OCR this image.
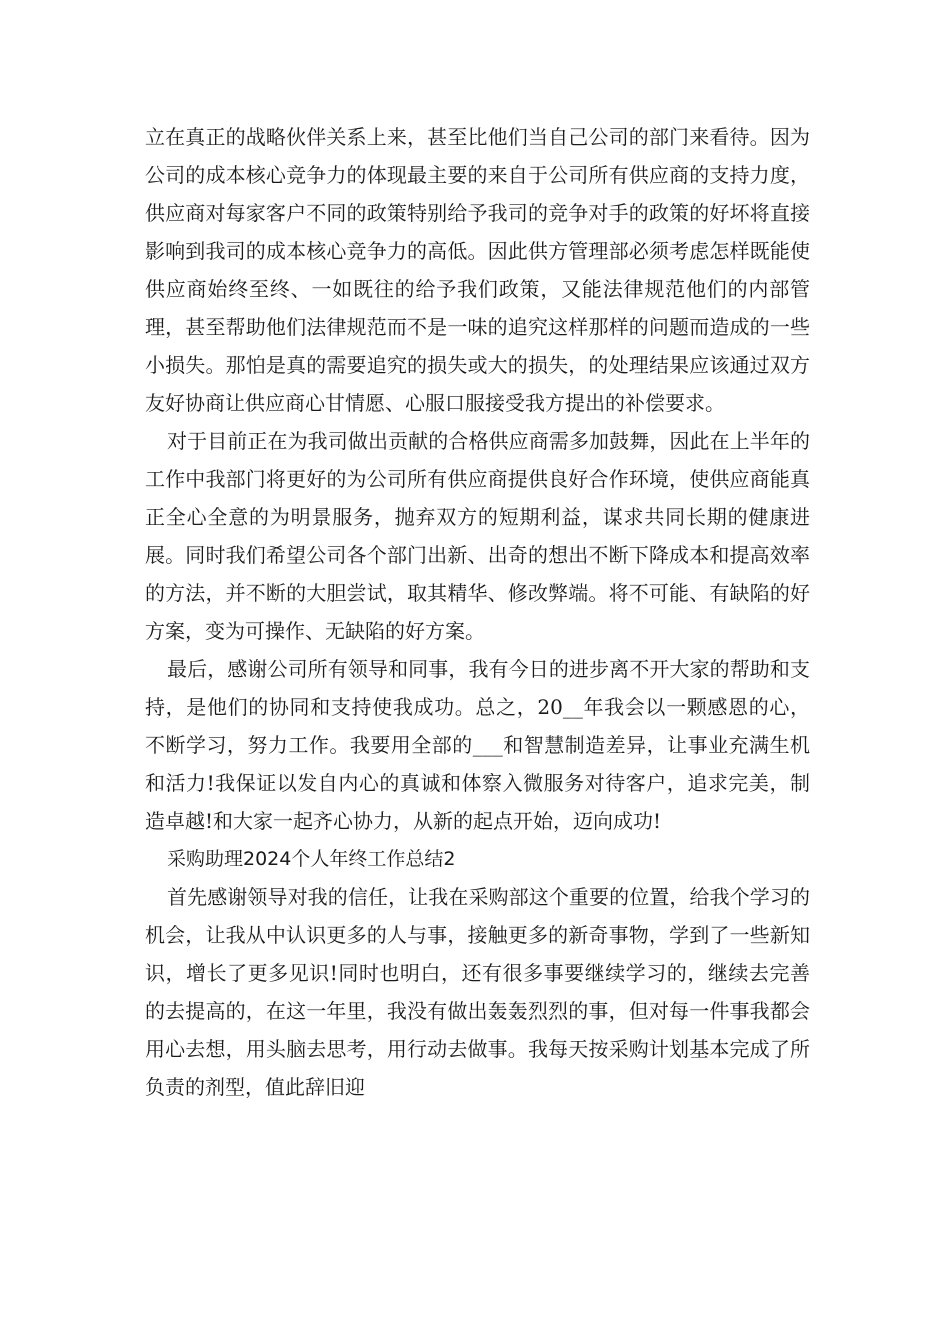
立在真正的战略伙伴关系上来，甚至比他们当自己公司的部门来看待。因为公司的成本核心竞争力的体现最主要的来自于公司所有供应商的支持力度，供应商对每家客户不同的政策特别给予我司的竞争对手的政策的好坏将直接影响到我司的成本核心竞争力的高低。因此供方管理部必须考虑怎样既能使供应商始终至终、一如既往的给予我们政策，又能法律规范他们的内部管理，甚至帮助他们法律规范而不是一味的追究这样那样的问题而造成的一些小损失。那怕是真的需要追究的损失或大的损失，的处理结果应该通过双方友好协商让供应商心甘情愿、心服口服接受我方提出的补偿要求。

对于目前正在为我司做出贡献的合格供应商需多加鼓舞，因此在上半年的工作中我部门将更好的为公司所有供应商提供良好合作环境，使供应商能真正全心全意的为明景服务，抛弃双方的短期利益，谋求共同长期的健康进展。同时我们希望公司各个部门出新、出奇的想出不断下降成本和提高效率的方法，并不断的大胆尝试，取其精华、修改弊端。将不可能、有缺陷的好方案，变为可操作、无缺陷的好方案。

最后，感谢公司所有领导和同事，我有今日的进步离不开大家的帮助和支持，是他们的协同和支持使我成功。总之，20__年我会以一颗感恩的心，不断学习，努力工作。我要用全部的___和智慧制造差异，让事业充满生机和活力!我保证以发自内心的真诚和体察入微服务对待客户，追求完美，制造卓越!和大家一起齐心协力，从新的起点开始，迈向成功!

采购助理2024个人年终工作总结2

首先感谢领导对我的信任，让我在采购部这个重要的位置，给我个学习的机会，让我从中认识更多的人与事，接触更多的新奇事物，学到了一些新知识，增长了更多见识!同时也明白，还有很多事要继续学习的，继续去完善的去提高的，在这一年里，我没有做出轰轰烈烈的事，但对每一件事我都会用心去想，用头脑去思考，用行动去做事。我每天按采购计划基本完成了所负责的剂型，值此辞旧迎
